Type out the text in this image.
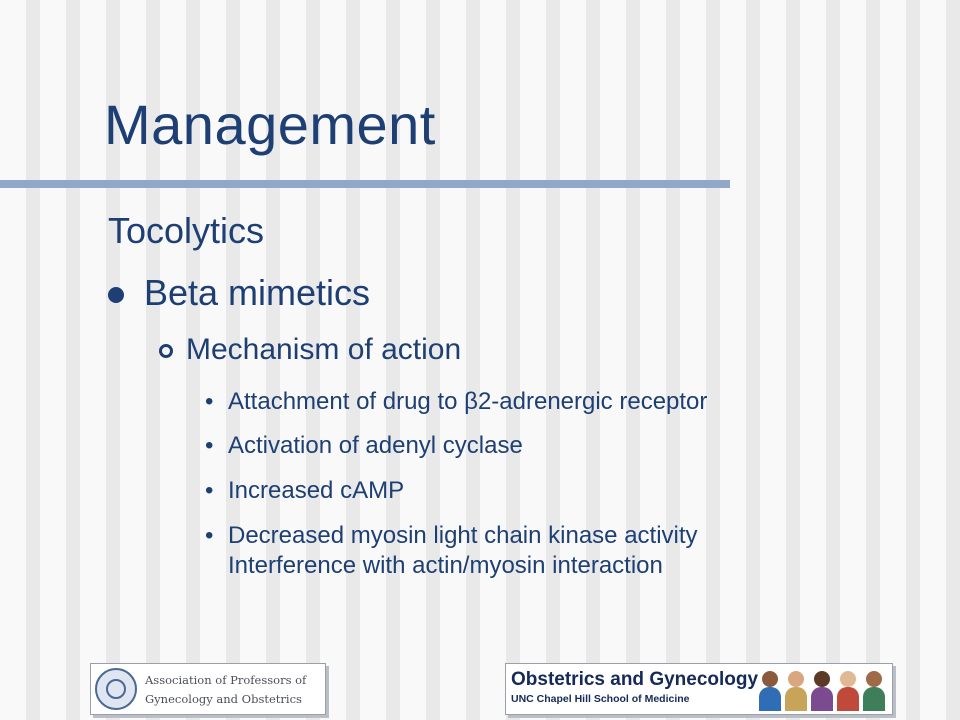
Management
Tocolytics
Beta mimetics
Mechanism of action
• Attachment of drug to β2-adrenergic receptor
• Activation of adenyl cyclase
• Increased cAMP
• Decreased myosin light chain kinase activity
Interference with actin/myosin interaction
Association of Professors of
Gynecology and Obstetrics
Obstetrics and Gynecology
UNC Chapel Hill School of Medicine
